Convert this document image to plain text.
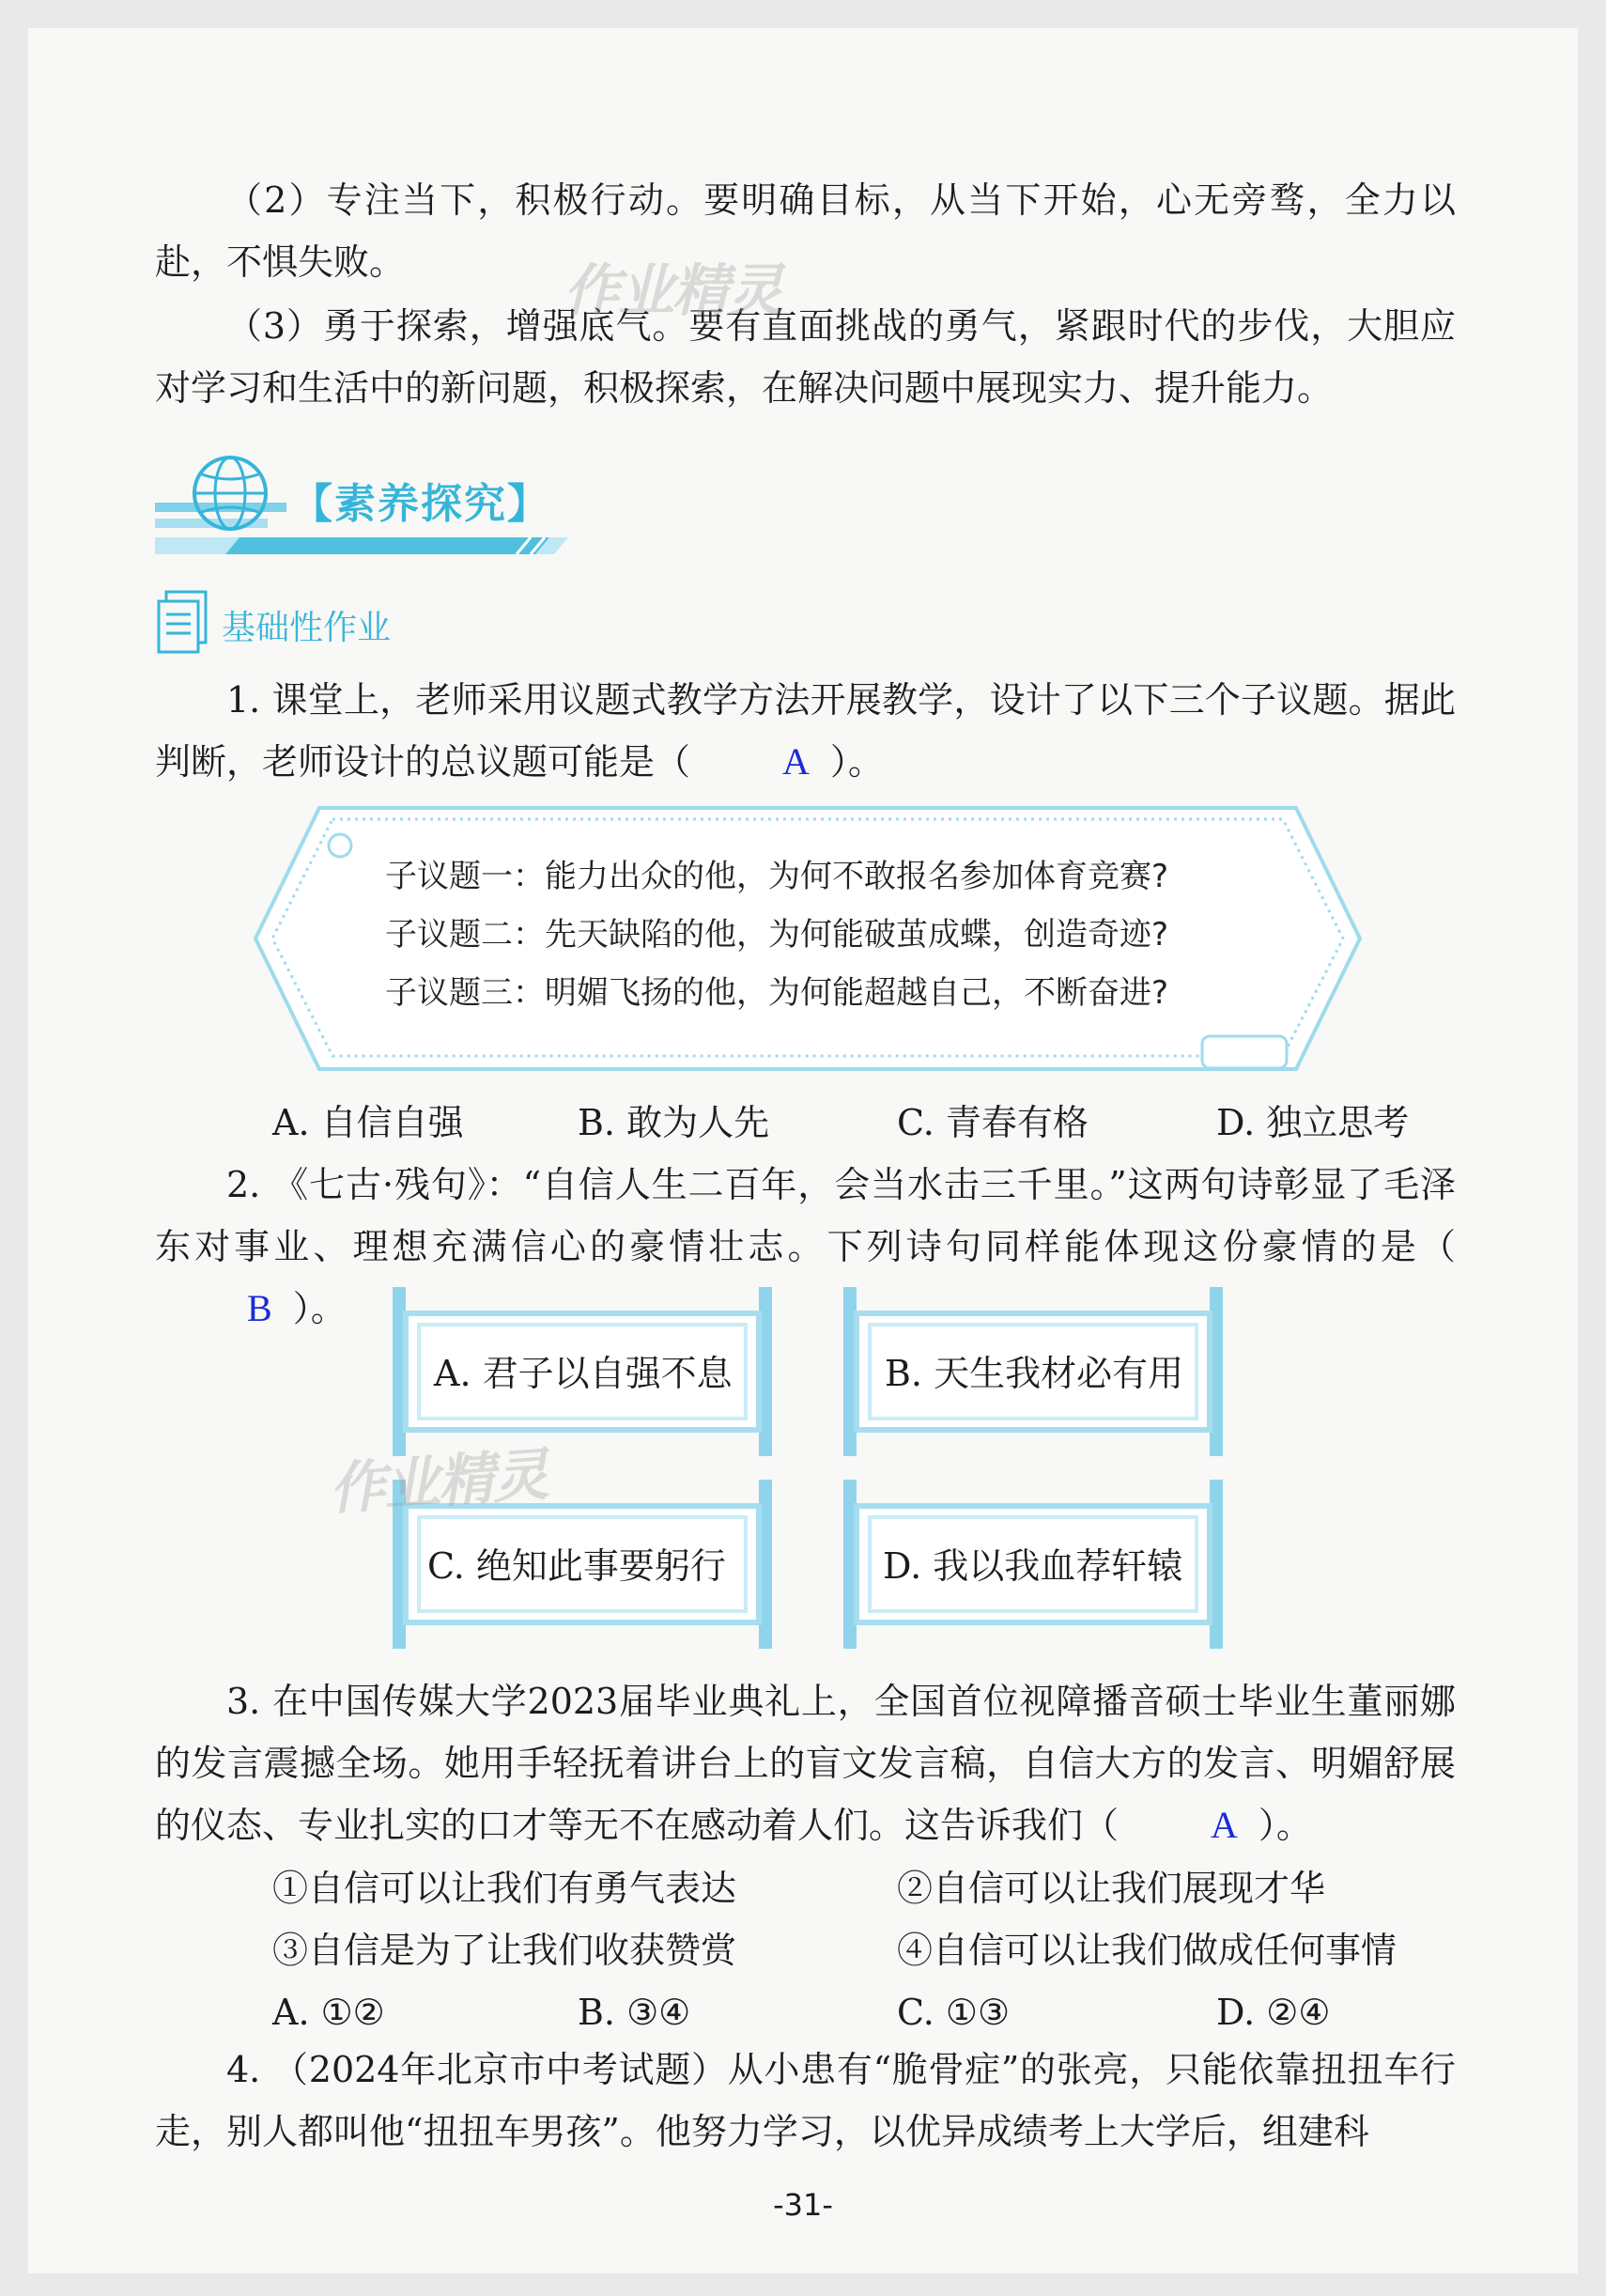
（2）专注当下，积极行动。要明确目标，从当下开始，心无旁骛，全力以赴，不惧失败。

（3）勇于探索，增强底气。要有直面挑战的勇气，紧跟时代的步伐，大胆应对学习和生活中的新问题，积极探索，在解决问题中展现实力、提升能力。

【素养探究】
基础性作业

1. 课堂上，老师采用议题式教学方法开展教学，设计了以下三个子议题。据此判断，老师设计的总议题可能是（ A ）。

子议题一：能力出众的他，为何不敢报名参加体育竞赛?
子议题二：先天缺陷的他，为何能破茧成蝶，创造奇迹?
子议题三：明媚飞扬的他，为何能超越自己，不断奋进?
A. 自信自强	B. 敢为人先	C. 青春有格	D. 独立思考

2. 《七古·残句》：“自信人生二百年，会当水击三千里。”这两句诗彰显了毛泽东对事业、理想充满信心的豪情壮志。下列诗句同样能体现这份豪情的是（B ）。

A. 君子以自强不息	B. 天生我材必有用
C. 绝知此事要躬行	D. 我以我血荐轩辕

3. 在中国传媒大学2023届毕业典礼上，全国首位视障播音硕士毕业生董丽娜的发言震撼全场。她用手轻抚着讲台上的盲文发言稿，自信大方的发言、明媚舒展的仪态、专业扎实的口才等无不在感动着人们。这告诉我们（ A ）。

①自信可以让我们有勇气表达	②自信可以让我们展现才华
③自信是为了让我们收获赞赏	④自信可以让我们做成任何事情
A. ①②	B. ③④	C. ①③	D. ②④

4. （2024年北京市中考试题）从小患有“脆骨症”的张亮，只能依靠扭扭车行走，别人都叫他“扭扭车男孩”。他努力学习，以优异成绩考上大学后，组建科

作业精灵
作业精灵
-31-
